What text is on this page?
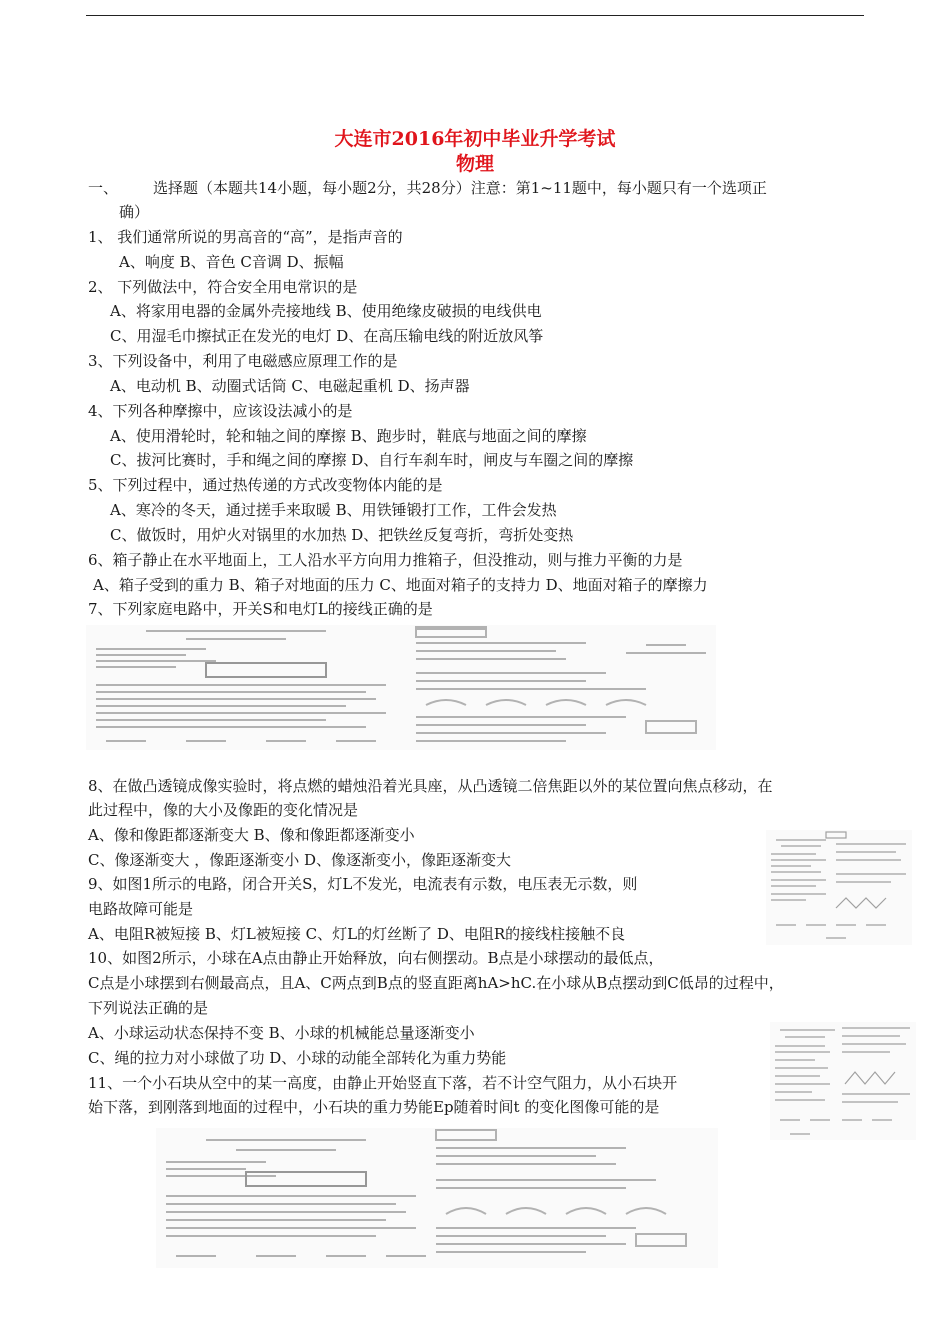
大连市2016年初中毕业升学考试
物理
一、 选择题（本题共14小题，每小题2分，共28分）注意：第1~11题中，每小题只有一个选项正
确）
1、 我们通常所说的男高音的“高”，是指声音的
A、响度 B、音色 C音调 D、振幅
2、 下列做法中，符合安全用电常识的是
A、将家用电器的金属外壳接地线 B、使用绝缘皮破损的电线供电
C、用湿毛巾擦拭正在发光的电灯 D、在高压输电线的附近放风筝
3、下列设备中，利用了电磁感应原理工作的是
A、电动机 B、动圈式话筒 C、电磁起重机 D、扬声器
4、下列各种摩擦中，应该设法减小的是
A、使用滑轮时，轮和轴之间的摩擦 B、跑步时，鞋底与地面之间的摩擦
C、拔河比赛时，手和绳之间的摩擦 D、自行车刹车时，闸皮与车圈之间的摩擦
5、下列过程中，通过热传递的方式改变物体内能的是
A、寒冷的冬天，通过搓手来取暖 B、用铁锤锻打工作，工件会发热
C、做饭时，用炉火对锅里的水加热 D、把铁丝反复弯折，弯折处变热
6、箱子静止在水平地面上，工人沿水平方向用力推箱子，但没推动，则与推力平衡的力是
A、箱子受到的重力 B、箱子对地面的压力 C、地面对箱子的支持力 D、地面对箱子的摩擦力
7、下列家庭电路中，开关S和电灯L的接线正确的是
8、在做凸透镜成像实验时，将点燃的蜡烛沿着光具座，从凸透镜二倍焦距以外的某位置向焦点移动，在
此过程中，像的大小及像距的变化情况是
A、像和像距都逐渐变大 B、像和像距都逐渐变小
C、像逐渐变大 ，像距逐渐变小 D、像逐渐变小，像距逐渐变大
9、如图1所示的电路，闭合开关S，灯L不发光，电流表有示数，电压表无示数，则
电路故障可能是
A、电阻R被短接 B、灯L被短接 C、灯L的灯丝断了 D、电阻R的接线柱接触不良
10、如图2所示，小球在A点由静止开始释放，向右侧摆动。B点是小球摆动的最低点，
C点是小球摆到右侧最高点，且A、C两点到B点的竖直距离hA>hC.在小球从B点摆动到C低昂的过程中，
下列说法正确的是
A、小球运动状态保持不变 B、小球的机械能总量逐渐变小
C、绳的拉力对小球做了功 D、小球的动能全部转化为重力势能
11、一个小石块从空中的某一高度，由静止开始竖直下落，若不计空气阻力，从小石块开
始下落，到刚落到地面的过程中，小石块的重力势能Ep随着时间t 的变化图像可能的是
